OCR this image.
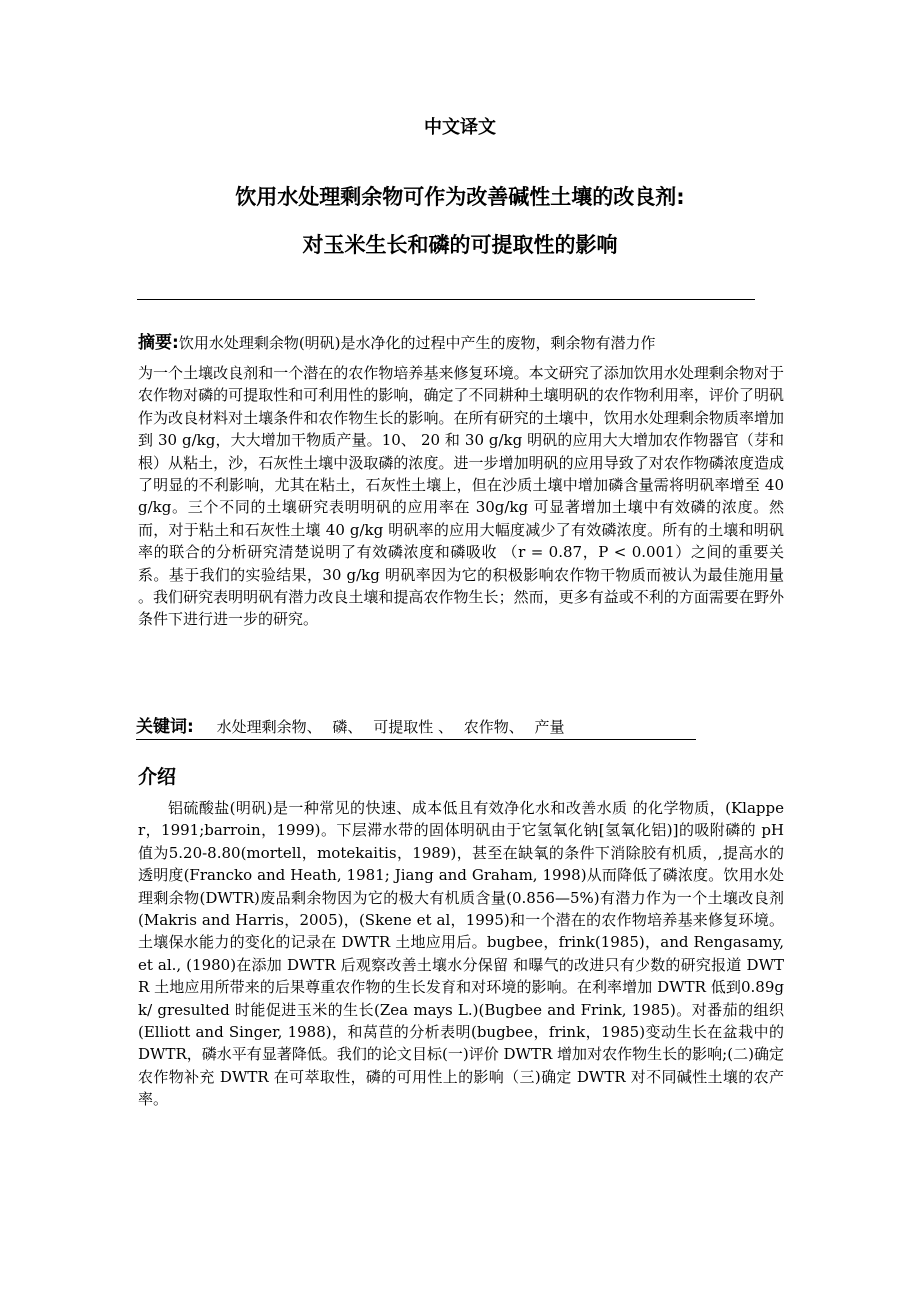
中文译文
饮用水处理剩余物可作为改善碱性土壤的改良剂:
对玉米生长和磷的可提取性的影响
摘要:饮用水处理剩余物(明矾)是水净化的过程中产生的废物，剩余物有潜力作
为一个土壤改良剂和一个潜在的农作物培养基来修复环境。本文研究了添加饮用水处理剩余物对于农作物对磷的可提取性和可利用性的影响，确定了不同耕种土壤明矾的农作物利用率，评价了明矾作为改良材料对土壤条件和农作物生长的影响。在所有研究的土壤中，饮用水处理剩余物质率增加到 30 g/kg，大大增加干物质产量。10、 20 和 30 g/kg 明矾的应用大大增加农作物器官（芽和根）从粘土，沙，石灰性土壤中汲取磷的浓度。进一步增加明矾的应用导致了对农作物磷浓度造成了明显的不利影响，尤其在粘土，石灰性土壤上，但在沙质土壤中增加磷含量需将明矾率增至 40 g/kg。三个不同的土壤研究表明明矾的应用率在 30g/kg 可显著增加土壤中有效磷的浓度。然而，对于粘土和石灰性土壤 40 g/kg 明矾率的应用大幅度减少了有效磷浓度。所有的土壤和明矾率的联合的分析研究清楚说明了有效磷浓度和磷吸收 （r = 0.87，P < 0.001）之间的重要关系。基于我们的实验结果，30 g/kg 明矾率因为它的积极影响农作物干物质而被认为最佳施用量 。我们研究表明明矾有潜力改良土壤和提高农作物生长；然而，更多有益或不利的方面需要在野外条件下进行进一步的研究。
关键词: 水处理剩余物、 磷、 可提取性 、 农作物、 产量
介绍
铝硫酸盐(明矾)是一种常见的快速、成本低且有效净化水和改善水质 的化学物质，(Klapper，1991;barroin，1999)。下层滞水带的固体明矾由于它氢氧化钠[氢氧化铝)]的吸附磷的 pH 值为5.20-8.80(mortell，motekaitis，1989)，甚至在缺氧的条件下消除胶有机质，,提高水的透明度(Francko and Heath, 1981; Jiang and Graham, 1998)从而降低了磷浓度。饮用水处理剩余物(DWTR)废品剩余物因为它的极大有机质含量(0.856—5%)有潜力作为一个土壤改良剂(Makris and Harris，2005)，(Skene et al，1995)和一个潜在的农作物培养基来修复环境。土壤保水能力的变化的记录在 DWTR 土地应用后。bugbee，frink(1985)，and Rengasamy, et al., (1980)在添加 DWTR 后观察改善土壤水分保留 和曝气的改进只有少数的研究报道 DWTR 土地应用所带来的后果尊重农作物的生长发育和对环境的影响。在利率增加 DWTR 低到0.89gk/ gresulted 时能促进玉米的生长(Zea mays L.)(Bugbee and Frink, 1985)。对番茄的组织(Elliott and Singer, 1988)，和莴苣的分析表明(bugbee，frink，1985)变动生长在盆栽中的 DWTR，磷水平有显著降低。我们的论文目标(一)评价 DWTR 增加对农作物生长的影响;(二)确定农作物补充 DWTR 在可萃取性，磷的可用性上的影响（三)确定 DWTR 对不同碱性土壤的农产率。
